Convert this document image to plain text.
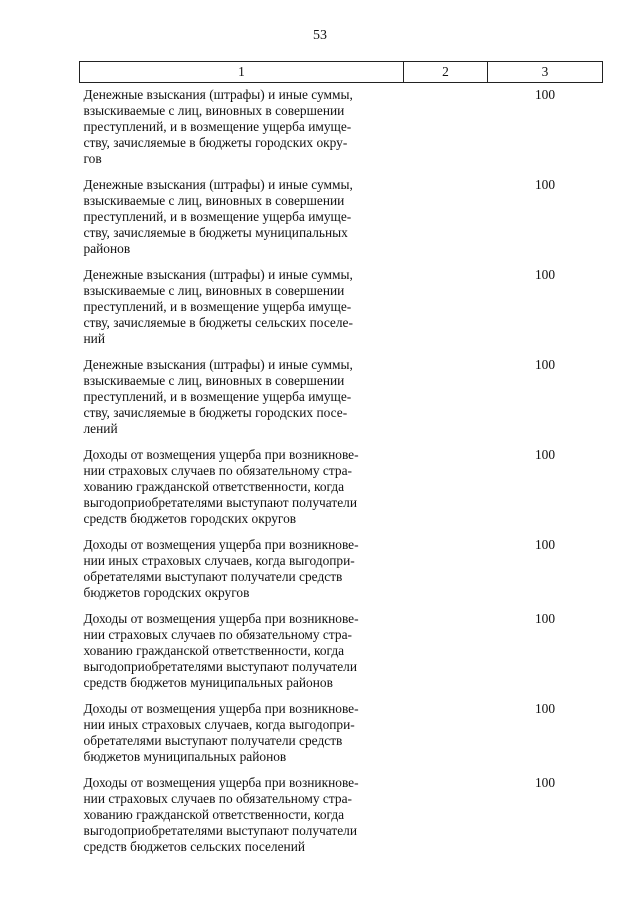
53
1	2	3
Денежные взыскания (штрафы) и иные суммы,
взыскиваемые с лиц, виновных в совершении
преступлений, и в возмещение ущерба имуще-
ству, зачисляемые в бюджеты городских окру-
гов		100
Денежные взыскания (штрафы) и иные суммы,
взыскиваемые с лиц, виновных в совершении
преступлений, и в возмещение ущерба имуще-
ству, зачисляемые в бюджеты муниципальных
районов		100
Денежные взыскания (штрафы) и иные суммы,
взыскиваемые с лиц, виновных в совершении
преступлений, и в возмещение ущерба имуще-
ству, зачисляемые в бюджеты сельских поселе-
ний		100
Денежные взыскания (штрафы) и иные суммы,
взыскиваемые с лиц, виновных в совершении
преступлений, и в возмещение ущерба имуще-
ству, зачисляемые в бюджеты городских посе-
лений		100
Доходы от возмещения ущерба при возникнове-
нии страховых случаев по обязательному стра-
хованию гражданской ответственности, когда
выгодоприобретателями выступают получатели
средств бюджетов городских округов		100
Доходы от возмещения ущерба при возникнове-
нии иных страховых случаев, когда выгодопри-
обретателями выступают получатели средств
бюджетов городских округов		100
Доходы от возмещения ущерба при возникнове-
нии страховых случаев по обязательному стра-
хованию гражданской ответственности, когда
выгодоприобретателями выступают получатели
средств бюджетов муниципальных районов		100
Доходы от возмещения ущерба при возникнове-
нии иных страховых случаев, когда выгодопри-
обретателями выступают получатели средств
бюджетов муниципальных районов		100
Доходы от возмещения ущерба при возникнове-
нии страховых случаев по обязательному стра-
хованию гражданской ответственности, когда
выгодоприобретателями выступают получатели
средств бюджетов сельских поселений		100
